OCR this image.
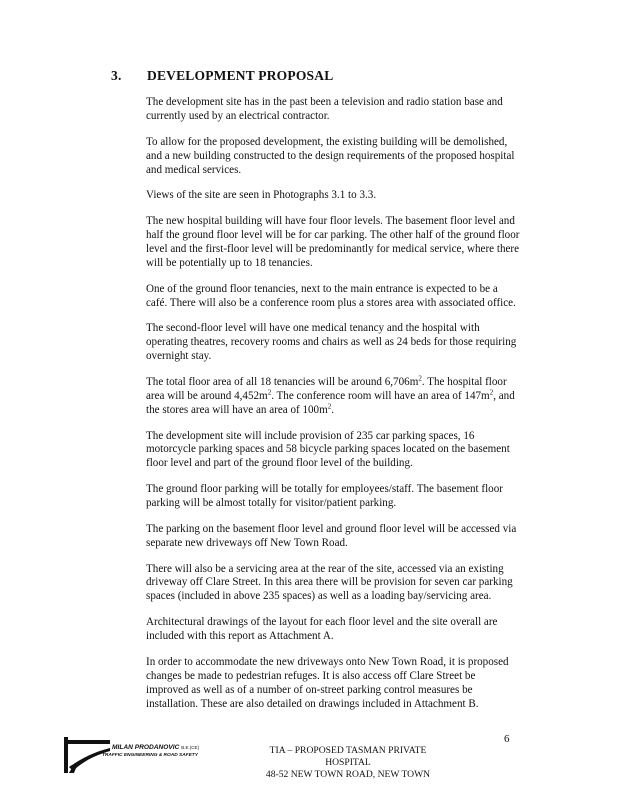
3. DEVELOPMENT PROPOSAL

The development site has in the past been a television and radio station base and currently used by an electrical contractor.

To allow for the proposed development, the existing building will be demolished, and a new building constructed to the design requirements of the proposed hospital and medical services.

Views of the site are seen in Photographs 3.1 to 3.3.

The new hospital building will have four floor levels. The basement floor level and half the ground floor level will be for car parking. The other half of the ground floor level and the first-floor level will be predominantly for medical service, where there will be potentially up to 18 tenancies.

One of the ground floor tenancies, next to the main entrance is expected to be a café. There will also be a conference room plus a stores area with associated office.

The second-floor level will have one medical tenancy and the hospital with operating theatres, recovery rooms and chairs as well as 24 beds for those requiring overnight stay.

The total floor area of all 18 tenancies will be around $6,706m^2$. The hospital floor area will be around $4,452m^2$. The conference room will have an area of $147m^2$, and the stores area will have an area of $100m^2$.

The development site will include provision of 235 car parking spaces, 16 motorcycle parking spaces and 58 bicycle parking spaces located on the basement floor level and part of the ground floor level of the building.

The ground floor parking will be totally for employees/staff. The basement floor parking will be almost totally for visitor/patient parking.

The parking on the basement floor level and ground floor level will be accessed via separate new driveways off New Town Road.

There will also be a servicing area at the rear of the site, accessed via an existing driveway off Clare Street. In this area there will be provision for seven car parking spaces (included in above 235 spaces) as well as a loading bay/servicing area.

Architectural drawings of the layout for each floor level and the site overall are included with this report as Attachment A.

In order to accommodate the new driveways onto New Town Road, it is proposed changes be made to pedestrian refuges. It is also access off Clare Street be improved as well as of a number of on-street parking control measures be installation. These are also detailed on drawings included in Attachment B.

6
MILAN PRODANOVIC B.E.(CE)
TRAFFIC ENGINEERING & ROAD SAFETY	TIA – PROPOSED TASMAN PRIVATE HOSPITAL
48-52 NEW TOWN ROAD, NEW TOWN
